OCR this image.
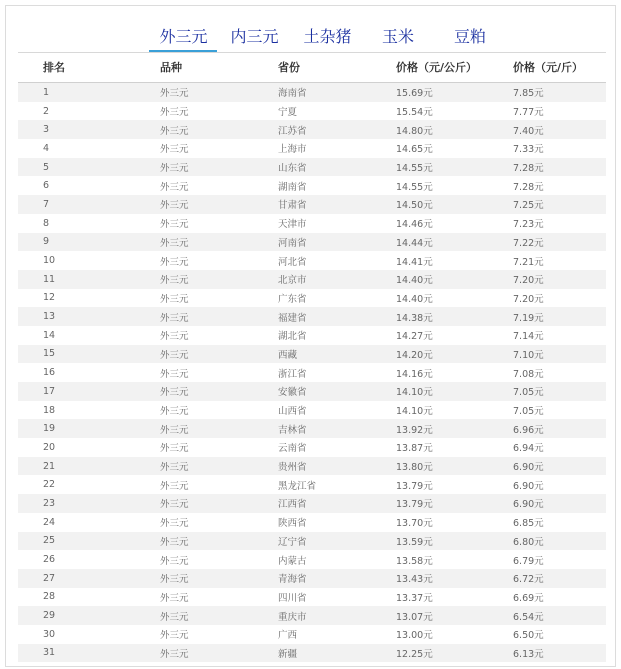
外三元 内三元 土杂猪 玉米 豆粕
排名	品种	省份	价格（元/公斤）	价格（元/斤）
1	外三元	海南省	15.69元	7.85元
2	外三元	宁夏	15.54元	7.77元
3	外三元	江苏省	14.80元	7.40元
4	外三元	上海市	14.65元	7.33元
5	外三元	山东省	14.55元	7.28元
6	外三元	湖南省	14.55元	7.28元
7	外三元	甘肃省	14.50元	7.25元
8	外三元	天津市	14.46元	7.23元
9	外三元	河南省	14.44元	7.22元
10	外三元	河北省	14.41元	7.21元
11	外三元	北京市	14.40元	7.20元
12	外三元	广东省	14.40元	7.20元
13	外三元	福建省	14.38元	7.19元
14	外三元	湖北省	14.27元	7.14元
15	外三元	西藏	14.20元	7.10元
16	外三元	浙江省	14.16元	7.08元
17	外三元	安徽省	14.10元	7.05元
18	外三元	山西省	14.10元	7.05元
19	外三元	吉林省	13.92元	6.96元
20	外三元	云南省	13.87元	6.94元
21	外三元	贵州省	13.80元	6.90元
22	外三元	黑龙江省	13.79元	6.90元
23	外三元	江西省	13.79元	6.90元
24	外三元	陕西省	13.70元	6.85元
25	外三元	辽宁省	13.59元	6.80元
26	外三元	内蒙古	13.58元	6.79元
27	外三元	青海省	13.43元	6.72元
28	外三元	四川省	13.37元	6.69元
29	外三元	重庆市	13.07元	6.54元
30	外三元	广西	13.00元	6.50元
31	外三元	新疆	12.25元	6.13元
